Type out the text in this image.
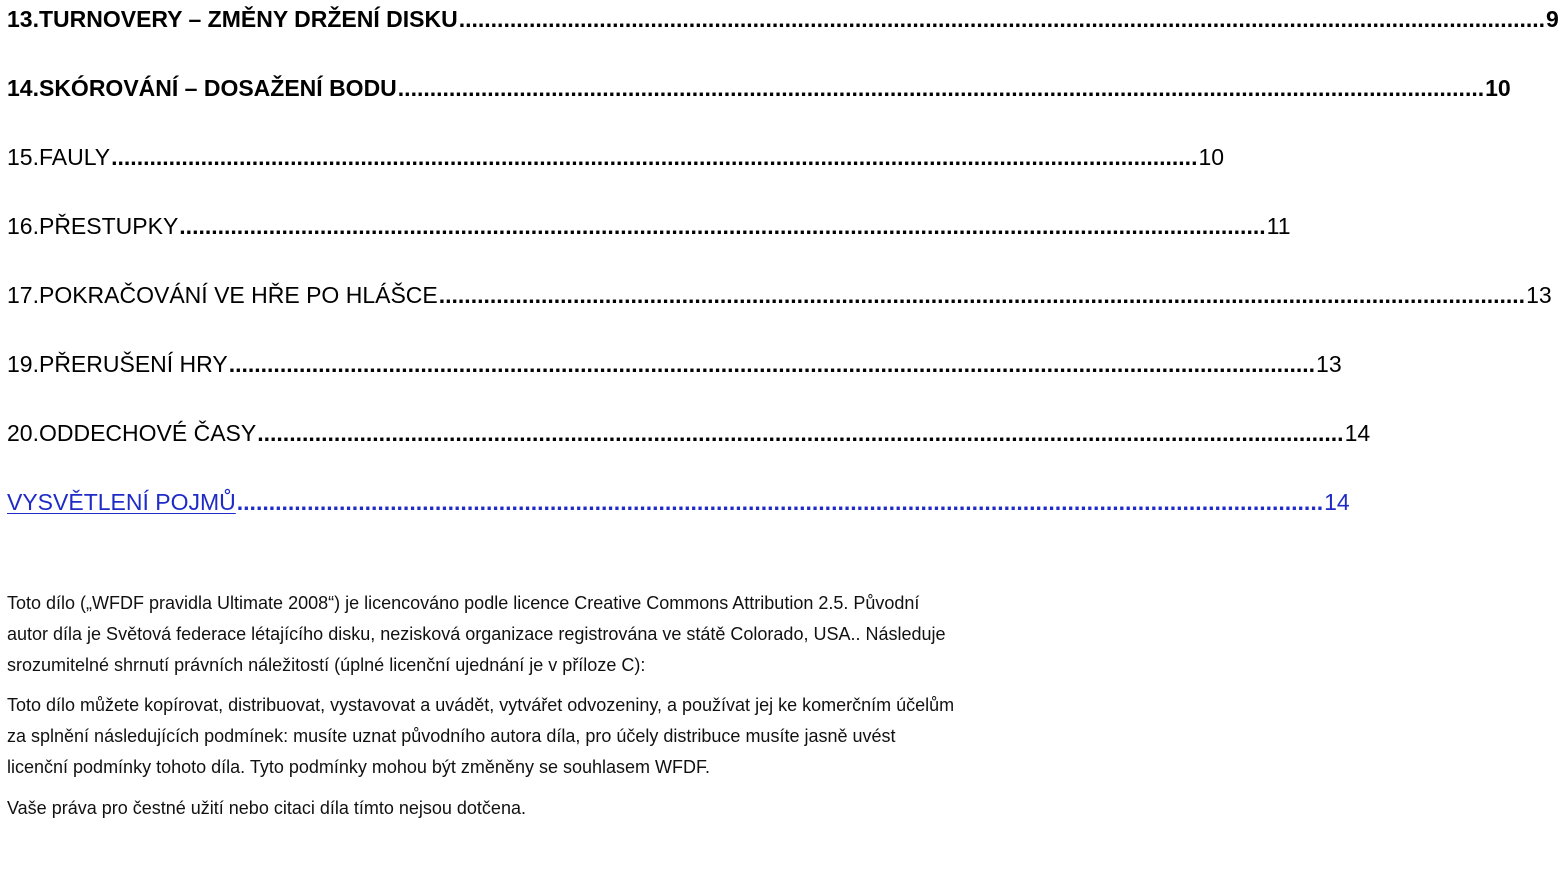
13.TURNOVERY – ZMĚNY DRŽENÍ DISKU .......................................................................................................................................................................... 9
14.SKÓROVÁNÍ – DOSAŽENÍ BODU .......................................................................................................................................................................... 10
15.FAULY .......................................................................................................................................................................... 10
16.PŘESTUPKY .......................................................................................................................................................................... 11
17.POKRAČOVÁNÍ VE HŘE PO HLÁŠCE .......................................................................................................................................................................... 13
19.PŘERUŠENÍ HRY .......................................................................................................................................................................... 13
20.ODDECHOVÉ ČASY .......................................................................................................................................................................... 14
VYSVĚTLENÍ POJMŮ .......................................................................................................................................................................... 14

Toto dílo („WFDF pravidla Ultimate 2008“) je licencováno podle licence Creative Commons Attribution 2.5. Původní autor díla je Světová federace létajícího disku, nezisková organizace registrována ve státě Colorado, USA.. Následuje srozumitelné shrnutí právních náležitostí (úplné licenční ujednání je v příloze C):

Toto dílo můžete kopírovat, distribuovat, vystavovat a uvádět, vytvářet odvozeniny, a používat jej ke komerčním účelům za splnění následujících podmínek: musíte uznat původního autora díla, pro účely distribuce musíte jasně uvést licenční podmínky tohoto díla. Tyto podmínky mohou být změněny se souhlasem WFDF.

Vaše práva pro čestné užití nebo citaci díla tímto nejsou dotčena.
